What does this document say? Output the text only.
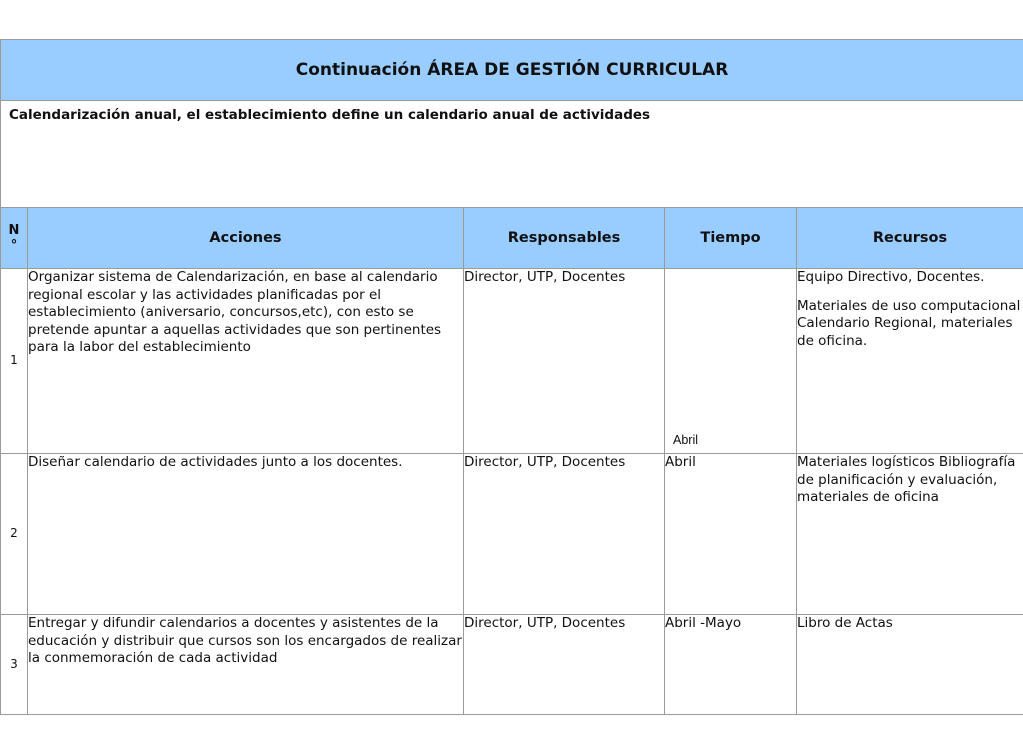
Continuación ÁREA DE GESTIÓN CURRICULAR				

Calendarización anual, el establecimiento define un calendario anual de actividades				

N
°	Acciones	Responsables	Tiempo	Recursos
1	Organizar sistema de Calendarización, en base al calendario regional escolar y las actividades planificadas por el establecimiento (aniversario, concursos,etc), con esto se pretende apuntar a aquellas actividades que son pertinentes para la labor del establecimiento	Director, UTP, Docentes	Abril	Equipo Directivo, Docentes.

Materiales de uso computacional Calendario Regional, materiales de oficina.

2	Diseñar calendario de actividades junto a los docentes.	Director, UTP, Docentes	Abril	Materiales logísticos Bibliografía de planificación y evaluación, materiales de oficina
3	Entregar y difundir calendarios a docentes y asistentes de la educación y distribuir que cursos son los encargados de realizar la conmemoración de cada actividad	Director, UTP, Docentes	Abril -Mayo	Libro de Actas
